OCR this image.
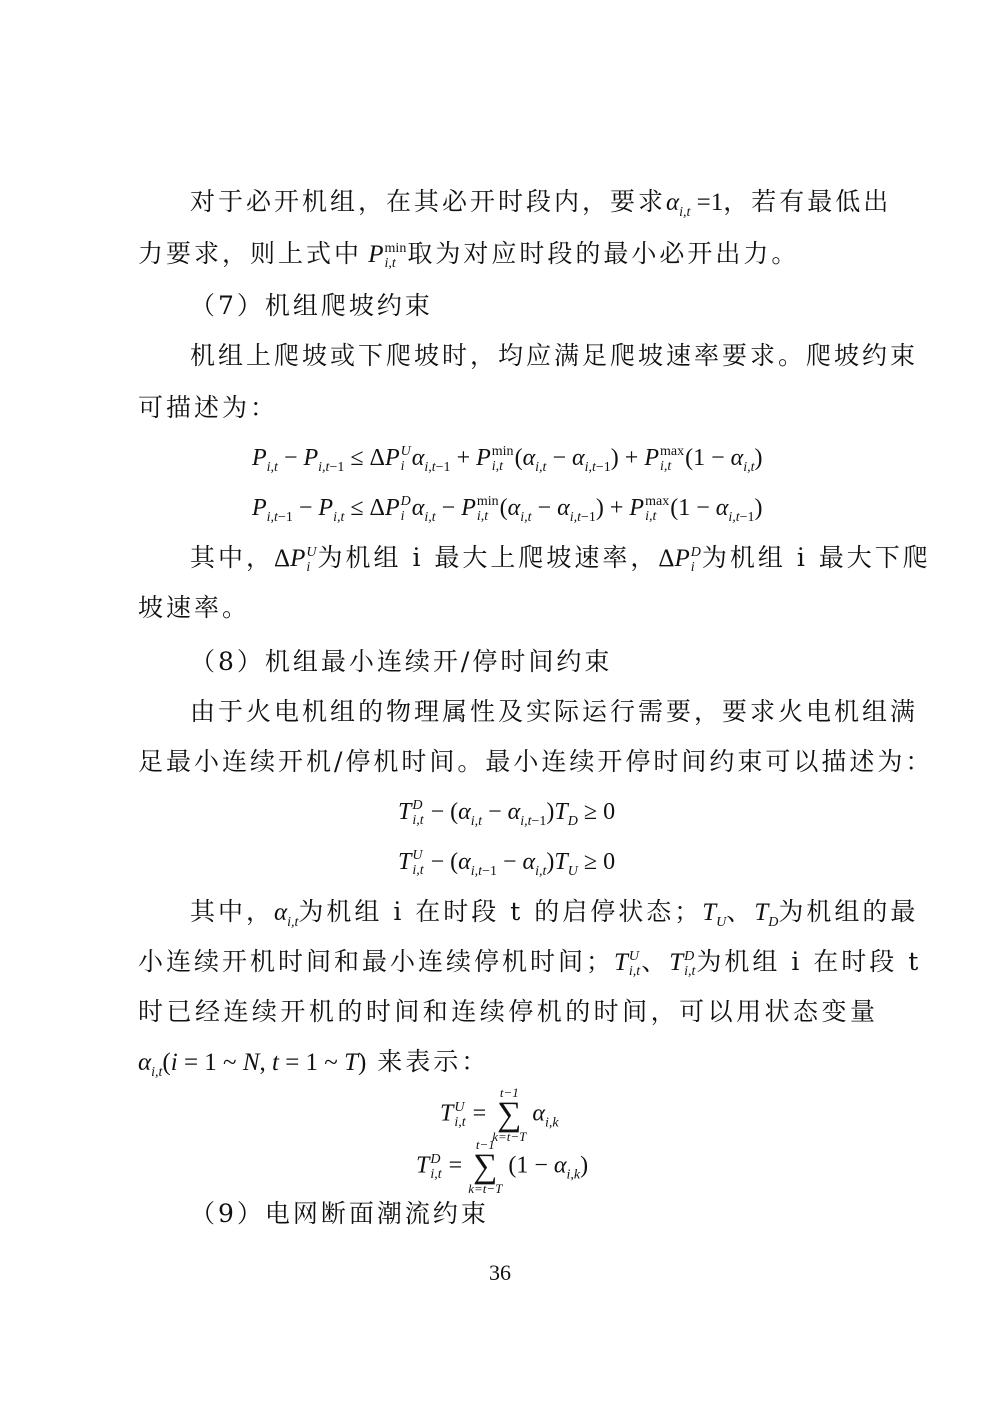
对于必开机组，在其必开时段内，要求$\alpha_{i,t} =1$，若有最低出
力要求，则上式中 P min
i,t 取为对应时段的最小必开出力。
（7）机组爬坡约束
机组上爬坡或下爬坡时，均应满足爬坡速率要求。爬坡约束
可描述为：
$P_{i,t} - P_{i,t-1} \le \Delta P$ U
i $\alpha_{i,t-1} + P$ min
i,t $(\alpha_{i,t} - \alpha_{i,t-1}) + P$ max
i,t $(1 - \alpha_{i,t})$
$P_{i,t-1} - P_{i,t} \le \Delta P$ D
i $\alpha_{i,t} - P$ min
i,t $(\alpha_{i,t} - \alpha_{i,t-1}) + P$ max
i,t $(1 - \alpha_{i,t-1})$
其中，ΔP U
i 为机组 i 最大上爬坡速率，ΔP D
i 为机组 i 最大下爬
坡速率。
（8）机组最小连续开/停时间约束
由于火电机组的物理属性及实际运行需要，要求火电机组满
足最小连续开机/停机时间。最小连续开停时间约束可以描述为：
T D
$i,t - (\alpha_{i,t} - \alpha_{i,t-1})T_D \ge 0$
T U
$i,t - (\alpha_{i,t-1} - \alpha_{i,t})T_U \ge 0$
其中，$\alpha_{i,t}$为机组 i 在时段 t 的启停状态；$T_U$、$T_D$为机组的最
小连续开机时间和最小连续停机时间；T U
i,t 、T D
i,t 为机组 i 在时段 t
时已经连续开机的时间和连续停机的时间，可以用状态变量
$\alpha_{i,t}(i = 1$ ~ N, t = 1 ~ T) 来表示：
T U
i,t =
t−1
∑
k=t−T
$\alpha_{i,k}$
T D
i,t =
t−1
∑
k=t−T
$(1 - \alpha_{i,k})$
（9）电网断面潮流约束
36
